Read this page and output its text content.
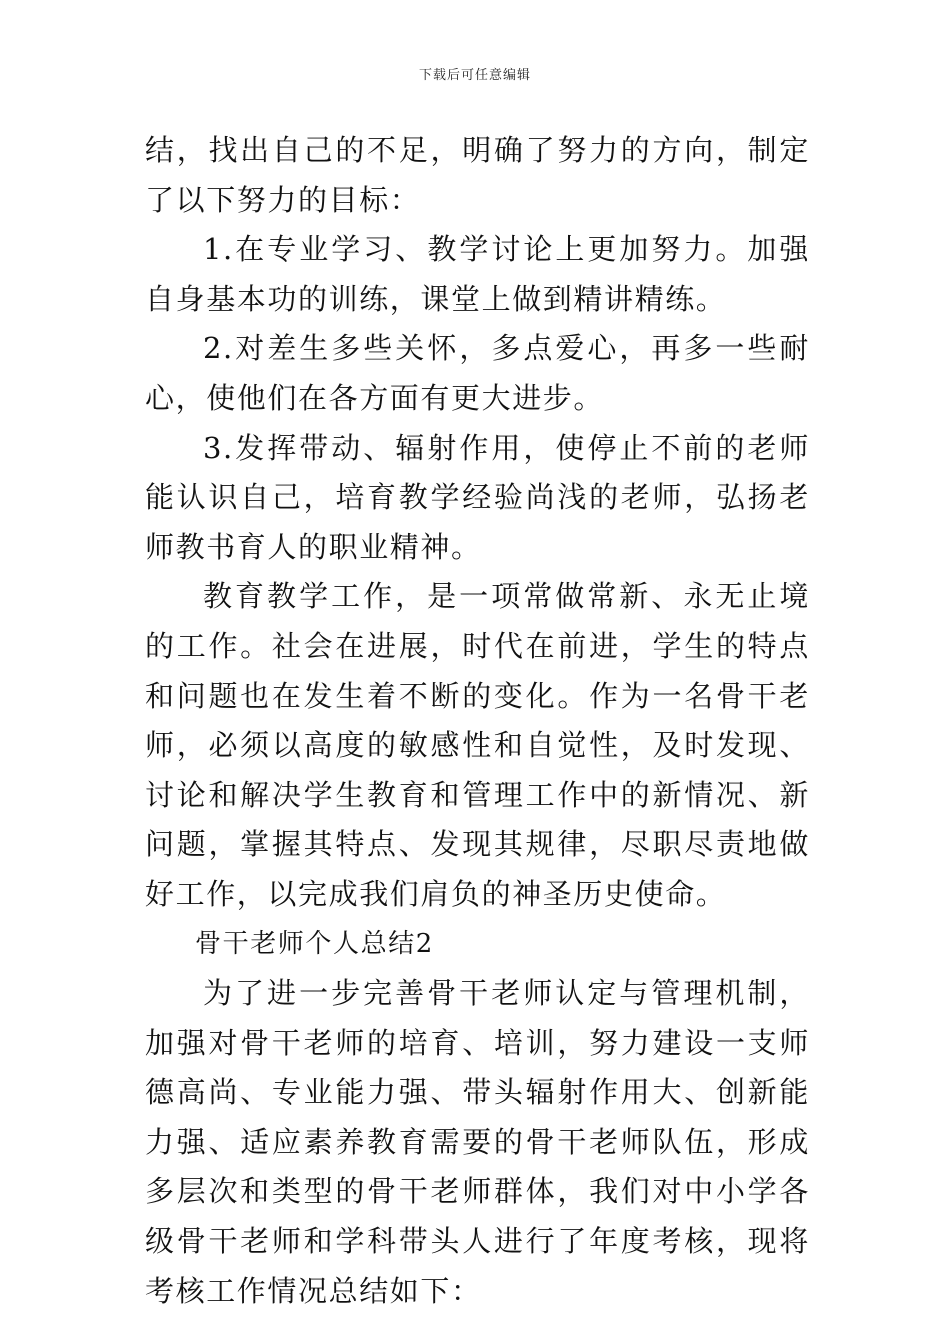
下载后可任意编辑

结，找出自己的不足，明确了努力的方向，制定了以下努力的目标：

1.在专业学习、教学讨论上更加努力。加强自身基本功的训练，课堂上做到精讲精练。

2.对差生多些关怀，多点爱心，再多一些耐心，使他们在各方面有更大进步。

3.发挥带动、辐射作用，使停止不前的老师能认识自己，培育教学经验尚浅的老师，弘扬老师教书育人的职业精神。

教育教学工作，是一项常做常新、永无止境的工作。社会在进展，时代在前进，学生的特点和问题也在发生着不断的变化。作为一名骨干老师，必须以高度的敏感性和自觉性，及时发现、讨论和解决学生教育和管理工作中的新情况、新问题，掌握其特点、发现其规律，尽职尽责地做好工作，以完成我们肩负的神圣历史使命。

骨干老师个人总结2

为了进一步完善骨干老师认定与管理机制，加强对骨干老师的培育、培训，努力建设一支师德高尚、专业能力强、带头辐射作用大、创新能力强、适应素养教育需要的骨干老师队伍，形成多层次和类型的骨干老师群体，我们对中小学各级骨干老师和学科带头人进行了年度考核，现将考核工作情况总结如下：
